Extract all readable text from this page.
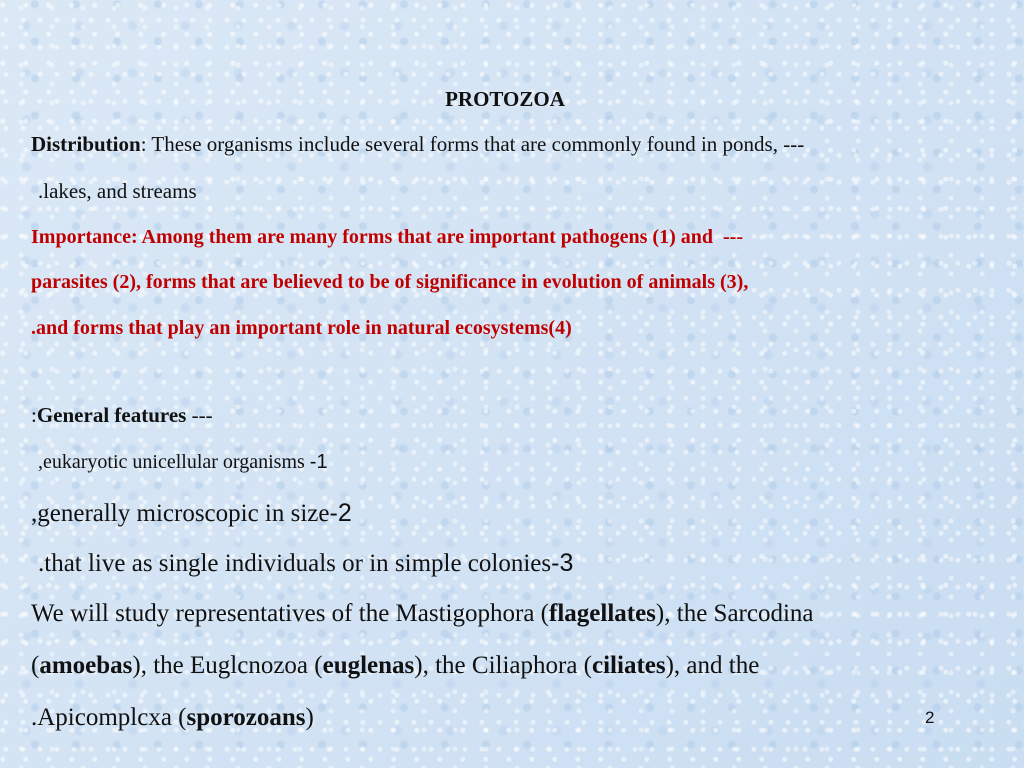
PROTOZOA
Distribution: These organisms include several forms that are commonly found in ponds, ---
.lakes, and streams
Importance: Among them are many forms that are important pathogens (1) and ---
parasites (2), forms that are believed to be of significance in evolution of animals (3),
.and forms that play an important role in natural ecosystems(4)
:General features ---
,eukaryotic unicellular organisms -1
,generally microscopic in size-2
.that live as single individuals or in simple colonies-3
We will study representatives of the Mastigophora (flagellates), the Sarcodina
(amoebas), the Euglcnozoa (euglenas), the Ciliaphora (ciliates), and the
.Apicomplcxa (sporozoans)	2
